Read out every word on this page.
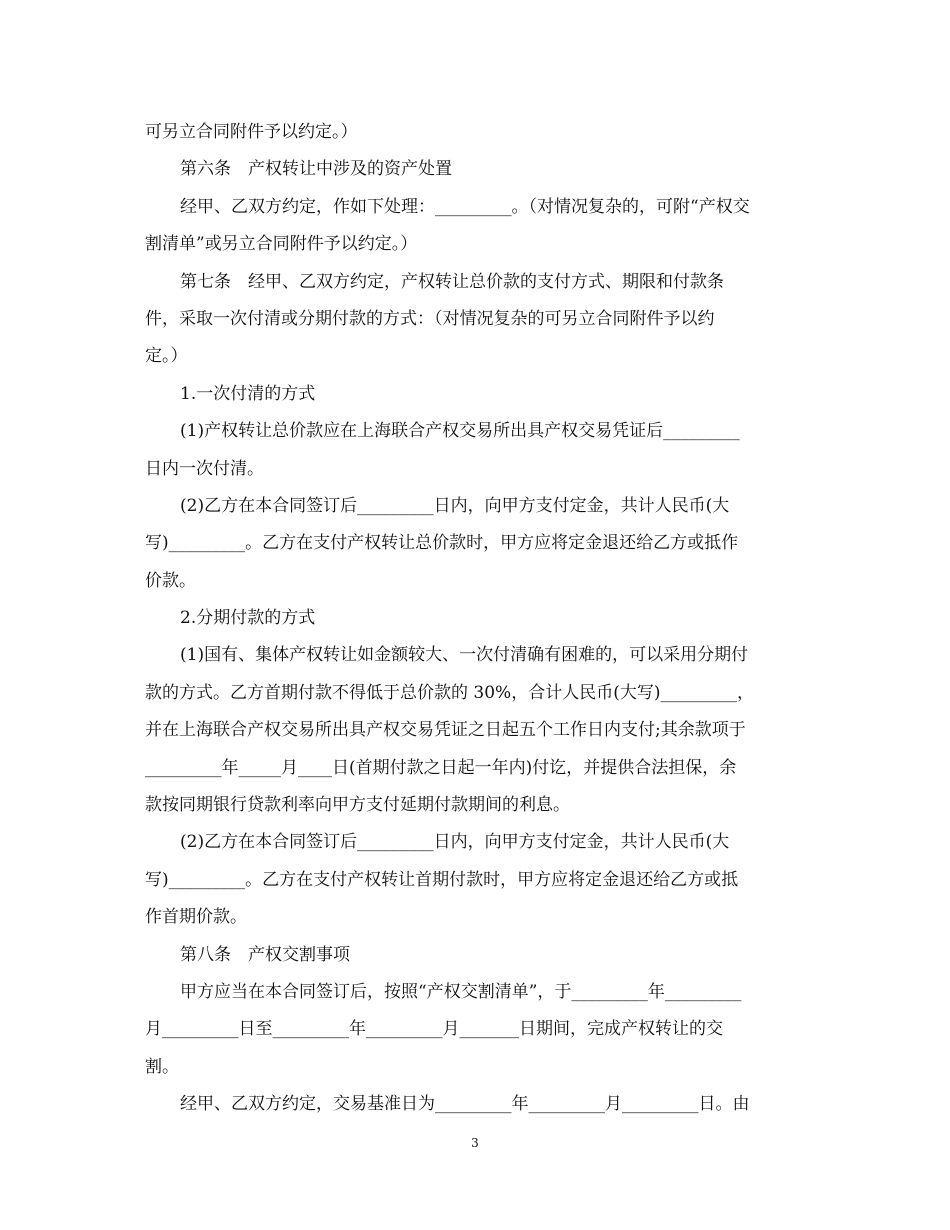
可另立合同附件予以约定。）
第六条　产权转让中涉及的资产处置
经甲、乙双方约定，作如下处理：_________。（对情况复杂的，可附“产权交
割清单”或另立合同附件予以约定。）
第七条　经甲、乙双方约定，产权转让总价款的支付方式、期限和付款条
件，采取一次付清或分期付款的方式：（对情况复杂的可另立合同附件予以约
定。）
1.一次付清的方式
(1)产权转让总价款应在上海联合产权交易所出具产权交易凭证后_________
日内一次付清。
(2)乙方在本合同签订后_________日内，向甲方支付定金，共计人民币(大
写)_________。乙方在支付产权转让总价款时，甲方应将定金退还给乙方或抵作
价款。
2.分期付款的方式
(1)国有、集体产权转让如金额较大、一次付清确有困难的，可以采用分期付
款的方式。乙方首期付款不得低于总价款的 30%，合计人民币(大写)_________，
并在上海联合产权交易所出具产权交易凭证之日起五个工作日内支付;其余款项于
_________年_____月____日(首期付款之日起一年内)付讫，并提供合法担保，余
款按同期银行贷款利率向甲方支付延期付款期间的利息。
(2)乙方在本合同签订后_________日内，向甲方支付定金，共计人民币(大
写)_________。乙方在支付产权转让首期付款时，甲方应将定金退还给乙方或抵
作首期价款。
第八条　产权交割事项
甲方应当在本合同签订后，按照“产权交割清单”，于_________年_________
月_________日至_________年_________月_______日期间，完成产权转让的交
割。
经甲、乙双方约定，交易基准日为_________年_________月_________日。由
3
